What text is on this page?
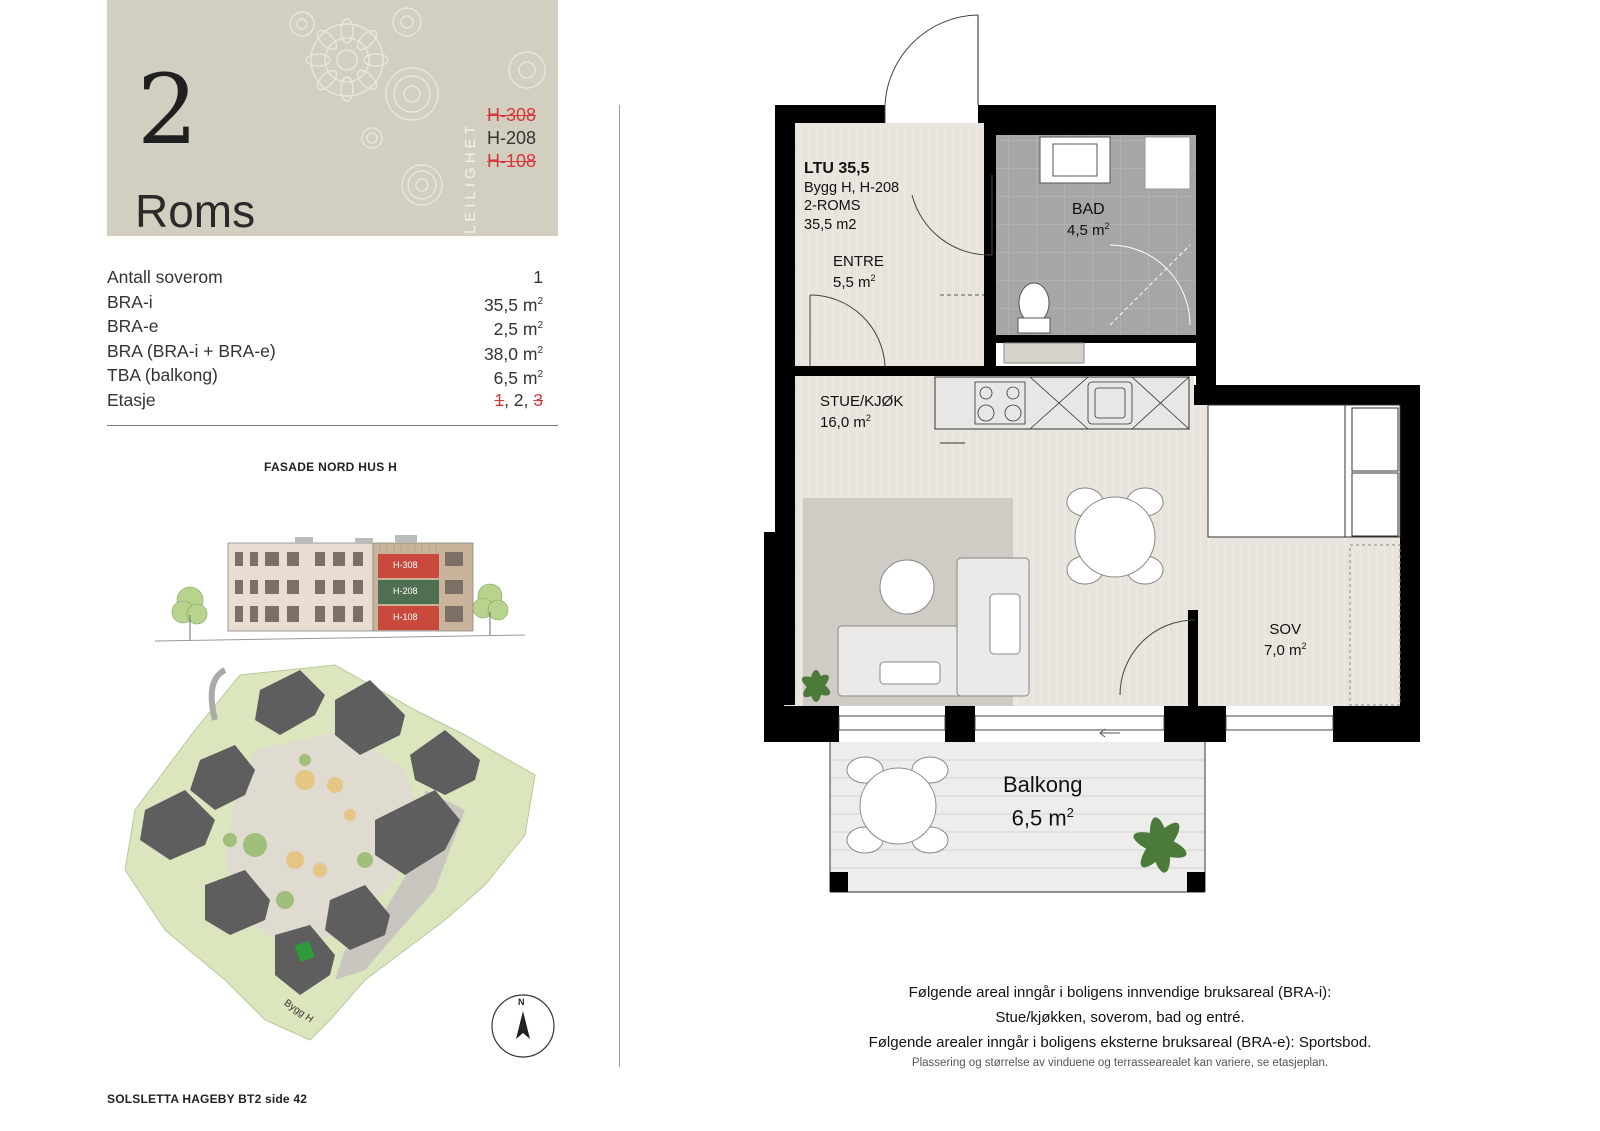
2
Roms	LEILIGHET
H-308
H-208
H-108
Antall soverom	1
BRA-i	35,5 $m^2$
BRA-e	2,5 $m^2$
BRA (BRA-i + BRA-e)	38,0 $m^2$
TBA (balkong)	6,5 $m^2$
Etasje	1, 2, 3
FASADE NORD HUS H
H-308
H-208
H-108
Bygg H	N
SOLSLETTA HAGEBY BT2 side 42
LTU 35,5
Bygg H, H-208
2-ROMS
35,5 m2
BAD
4,5 $m^2$
ENTRE
5,5 $m^2$
STUE/KJØK
16,0 $m^2$
SOV
7,0 $m^2$
Balkong
6,5 $m^2$
Følgende areal inngår i boligens innvendige bruksareal (BRA-i):
Stue/kjøkken, soverom, bad og entré.
Følgende arealer inngår i boligens eksterne bruksareal (BRA-e): Sportsbod.
Plassering og størrelse av vinduene og terrassearealet kan variere, se etasjeplan.
